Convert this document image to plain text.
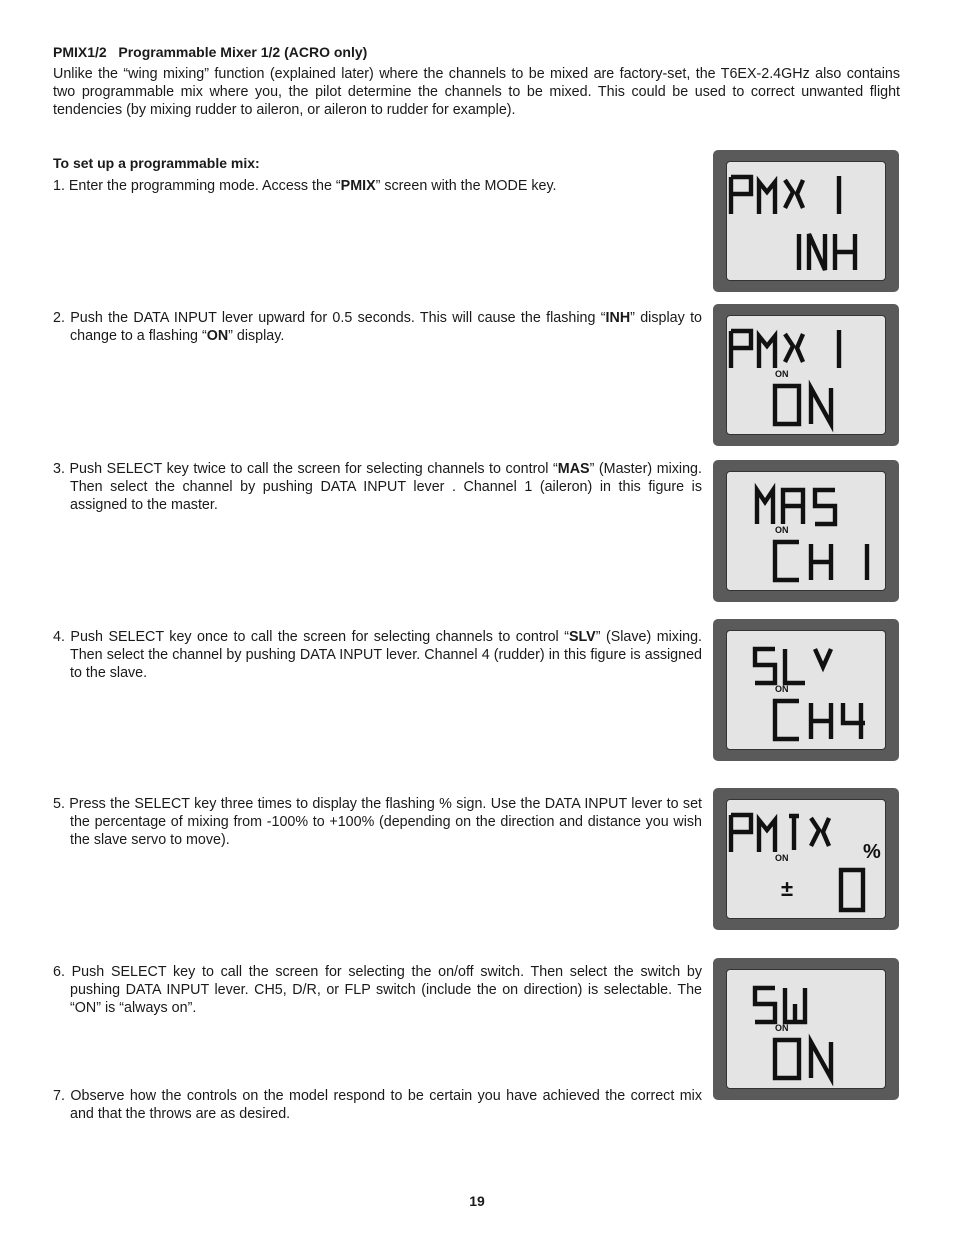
PMIX1/2   Programmable Mixer 1/2 (ACRO only)
Unlike the “wing mixing” function (explained later) where the channels to be mixed are factory-set, the T6EX-2.4GHz also contains two programmable mix where you, the pilot determine the channels to be mixed. This could be used to correct unwanted flight tendencies (by mixing rudder to aileron, or aileron to rudder for example).
To set up a programmable mix:
1. Enter the programming mode. Access the “PMIX” screen with the MODE key.
2. Push the DATA INPUT lever upward for 0.5 seconds. This will cause the flashing “INH” display to change to a flashing “ON” display.
3. Push SELECT key twice to call the screen for selecting channels to control “MAS” (Master) mixing. Then select the channel by pushing DATA INPUT lever . Channel 1 (aileron) in this figure is assigned to the master.
4. Push SELECT key once to call the screen for selecting channels to control “SLV” (Slave) mixing. Then select the channel by pushing DATA INPUT lever. Channel 4 (rudder) in this figure is assigned to the slave.
5. Press the SELECT key three times to display the flashing % sign. Use the DATA INPUT lever to set the percentage of mixing from -100% to +100% (depending on the direction and distance you wish the slave servo to move).
6. Push SELECT key to call the screen for selecting the on/off switch. Then select the switch by pushing DATA INPUT lever. CH5, D/R, or FLP switch (include the on direction) is selectable. The “ON” is “always on”.
7. Observe how the controls on the model respond to be certain you have achieved the correct mix and that the throws are as desired.
ON
ON
ON
ON	%
±
ON
19
